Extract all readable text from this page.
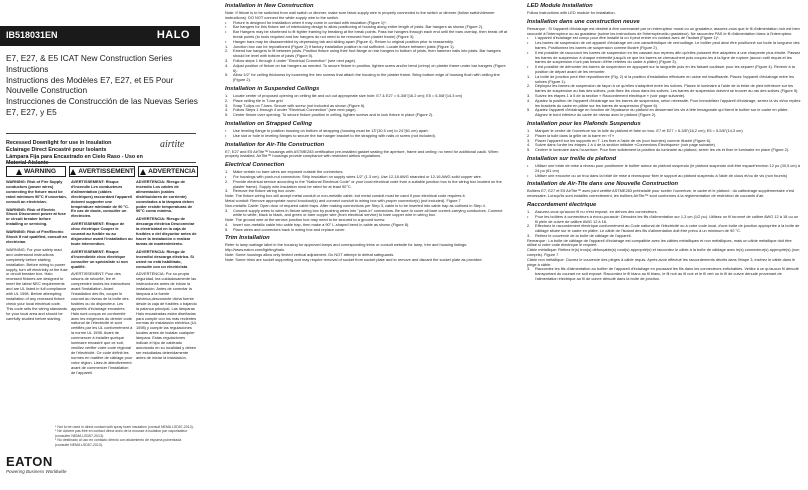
IB518031EN	HALO
E7, E27, & E5 ICAT New Construction Series Instructions
Instructions des Modèles E7, E27, et E5 Pour
Nouvelle Construction
Instrucciones de Construcción de las Nuevas Series
E7, E27, y E5
Recessed Downlight for use in Insulation
Éclairage Direct Encastré pour Isolants
Lámpara Fija para Encastrado en Cielo Raso - Uso en Material Aislante
airtite
WARNING	AVERTISSEMENT ADVERTENCIA

WARNING: Risk of Fire Supply conductors (power wires) connecting the fixture must be rated minimum 90°C if uncertain, consult an electrician.

WARNING: Risk of Electric Shock Disconnect power at fuse or circuit breaker before installing or servicing.

WARNING: Risk of Fire/Electric Shock If not qualified, consult an electrician.

WARNING: For your safety read and understand instructions completely before starting installation. Before wiring to power supply, turn off electricity at the fuse or circuit breaker box. Halo recessed fixtures are designed to meet the latest NEC requirements and are UL listed in full compliance with UL 1598. Before attempting installation of any recessed fixture check your local electrical code. This code sets the wiring standards for your local area and should be carefully studied before starting.

AVERTISSEMENT: Risque d'incendie Les conducteurs d'alimentation (câbles électriques) raccordant l'appareil doivent supporter une température minimale de 90 °C. En cas de doute, consulter un électricien.

AVERTISSEMENT: Risque de choc électrique Couper le courant au fusible ou au disjoncteur avant l'installation ou toute intervention.

AVERTISSEMENT: Risque d'incendie/de choc électrique consulter un spécialiste si non qualifié.

AVERTISSEMENT: Pour des raisons de sécurité, lire et comprendre toutes les instructions avant l'installation. Avant l'installation des fils, couper le courant au niveau de la boîte des fusibles ou du disjoncteur. Les appareils d'éclairage encastrés Halo sont conçus en conformité avec les exigences du dernier code national de l'électricité et sont certifiés par les UL conformément à la norme UL 1598. Avant de commencer à installer quelque luminaire encastré que ce soit, veuillez vérifier votre code régional de l'électricité. Ce code définit les normes en matière de câblage pour votre région. Lisez-le attentivement avant de commencer l'installation de l'appareil.

ADVERTENCIA: Riesgo de incendio Los cables de alimentación (cables distribuidores de corriente) conectados a la lámpara deben poder resistir temperaturas de 90°C como mínimo.

ADVERTENCIA: Riesgo de descarga eléctrica Desconectar la electricidad en la caja de fusibles o del disyuntor antes de hacer la instalación o realizar tareas de mantenimiento.

ADVERTENCIA: Riesgo de incendio/ descarga eléctrica. Si usted no está habilitado, consulte con un electricista

ADVERTENCIA: Por su propia seguridad, lea cuidadosamente las instrucciones antes de iniciar la instalación. Antes de conectar la lámpara a la fuente eléctrica,desconecte dicha fuente desde la caja de fusibles o bajando la palanca principal. Las lámparas Halo encastradas están diseñadas para cumplir con los más recientes normas de instalación eléctrica (UL 1598) y cumple las regulaciones locales antes de instalar cualquier lámpara. Estas regulaciones indican el tipo de cableado autorizado en su localidad y deben ser estudiadas detenidamente antes de iniciar la instalación.

* Not to be used in direct contact with spray foam insulation (consult NEMA LSD57-2013).

* Ne doivent pas être en contact direct avec de la mousse à isolation par vaporisateur (consulter NEMA LSD57-2013).

* No destinado al uso en contacto directo con aislamiento de espuma pulverizada (consulte NEMA LSD57-2013).

EATON
Powering Business Worldwide
Installation in New Construction
Note: If fixture is to be switched from wall switch or dimmer, make sure black supply wire is properly connected to the switch or dimmer (follow switch/dimmer instructions). DO NOT connect the white supply wire to the switch.
•	Fixture is designed for installation when it may come in contact with insulation (Figure 1)*.
•	Bar hangers for this fixture are of interlocking design to allow positioning of housing along entire length of joists. Bar hangers as shown (Figure 2).
•	Bar Hangers may be shortened to fit tighter framing by breaking at the break points. Pass bar hangers through each end until the bars overlap, then break off at break points (to tools required and bar hangers do not need to be removed from plaster frame) (Figure 3).
•	Hanger bars may be disassembled by depressing tab and sliding apart (Figure 4). Return to original position prior to reassembly.
1.	Junction box can be repositioned (Figure 2) if factory installation position is not sufficient. Locate fixture between joists (Figure 1).
2.	Extend bar hangers to fit between joists. Position fixture using their foot flange on bar hangers to bottom of joists, then hammer nails into joists. Bar hangers should be level with bottom of joists (Figure 5).
3.	Follow steps 1 through 4 under "Electrical Connection" (see next page).
4.	Adjust position of fixture on bar hangers as needed. To secure fixture in position, tighten screw and/or bend (crimp) on plaster frame under bar hangers (Figure 6).
5.	Allow 1/2" for ceiling thickness by loosening the hex screws that attach the housing to the plaster frame. Bring bottom edge of housing flush with ceiling line (Figure 2).
Installation in Suspended Ceilings
1.	Locate center of proposed opening on ceiling tile and cut out appropriate size hole: E7 & E27 = 6-3/8"(16.2 cm); E5 = 5-5/8"(14.3 cm)
2.	Place ceiling tile in T-bar grid
3.	Snap T-clips on T-bars. Secure with screw (not included as shown (Figure 6).
4.	Follow Steps 1 through 4 under "Electrical Connection" (see next page).
5.	Center fixture over opening. To secure fixture position in ceiling, tighten screws and to lock fixture in place (Figure 2).
Installation on Strapped Ceiling
•	Use leveling flange to position housing on bottom of strapping (housing must be 13"(30.5 cm) to 24"(61 cm) apart.
•	Use slot or hole in leveling flanges to secure the bar hanger bracket to the strapping with nails or screw (not included).
Installation for Air-Tite Construction
E7, E27 and E5 AirTite™ housings with ASTME283 certification pre-installed gasket sealing the aperture, frame and ceiling: no need for additional caulk. When properly installed, AirTite™ housings provide compliance with restricted airflow regulations.
Electrical Connection
1.	Make certain no bare wires are exposed outside the connectors.
•	For housings with push-nut connectors: Strip insulation on supply wires 1/2" (1.3 cm). Use 12-18 AWG stranded or 12-16 AWG solid copper wire.
2.	Provide electrical service according to the "National Electrical Code" or your local electrical code from a suitable junction box to the wiring box located on the plaster frame). Supply wire insulation must be rated for at least 90°C.
3.	Remove the fixture wiring box cover.
Note: The fixture wiring box will accept metal conduit or non-metallic cable, but metal conduit must be used if your electrical code requires it.
Metal conduit: Remove appropriate round knockout(s) and connect conduit to wiring box with proper connector(s) (not included). Figure 7
Non-metallic Cable: Open door of required cable traps. After making connections per Step 3, cable is to be inserted into cable trap as outlined in Step 4.
3.	Connect supply wires to wires in fixture wiring box by pushing wires into "push-in" connectors. Be sure to cover all bare current-carrying conductors. Connect white to white, black to black, and green or bare copper wire (from electrical service) to bare copper wire in wiring box.
Note: The ground wire at the service junction box may need to be secured to a ground screw.
4.	Insert non-metallic cable into cable trap, then make a 90° L-shaped bend in cable as shown (Figure 8).
5.	Place wires and connectors back in wiring box and replace cover.
Trim Installation
Refer to lamp wattage label in the housing for approved lamps and corresponding trims or consult website for lamp, trim and housing listings: http://www.eaton.com/lighting/halo.
Note: Some housings allow only limited vertical adjustment. Do NOT attempt to defeat safeguards.
Note: Some trims are socket supporting and may require removal of socket from socket plate and to remove and discard the socket plate as provided.
LED Module Installation
Follow instructions with LED module for installation.
Installation dans une construction neuve
Remarque : Si l'appareil d'éclairage est destiné à être commandé par un interrupteur mural ou un gradateur, assurez-vous que le fil d'alimentation noir est bien raccordé à l'interrupteur ou au gradateur (suivre les instructions de l'interrupteur/du gradateur). Ne raccordez PAS le fil d'alimentation blanc à l'interrupteur.
•	L'appareil d'éclairage est conçu pour être installé là où il peut entrer en contact avec de l'isolant (Figure 1)*.
•	Les barres de suspension de cet appareil d'éclairage ont une caractéristique de verrouillage. Le boîtier peut ainsi être positionné sur toute la longueur des barres. Positionnez les barres de suspension comme illustré (Figure 2).
•	Il est possible de raccourcir les barres de suspension en les cassant aux repères afin qu'elles puissent être adaptées à une charpente plus étroite. Passez les barres de suspension à chaque extrémité jusqu'à ce que les barres se chevauchent puis coupez-les à la ligne de rupture (aucun outil requis et les barres de suspension n'ont pas besoin d'être retirées du cadre à plâtre) (Figure 3).
•	Il est possible de démonter les barres de suspension en appuyant sur la languette puis en les faisant coulisser pour les séparer (Figure 4). Revenir à la position de départ avant de les remonter.
1.	La boîte de jonction peut être repositionnée (Fig. 2) si la position d'installation effectuée en usine est insuffisante. Placez l'appareil d'éclairage entre les solives (Figure 1).
2.	Déployez les barres de suspension de façon à ce qu'elles s'adaptent entre les solives. Placez le luminaire à l'aide de la bride de pied inférieure sur les barres de suspension au bas des solives, puis fixez les clous dans les solives. Les barres de suspension doivent se trouver au ras des solives (Figure 5).
3.	Suivez les étapes 1 à 5 de la section « Raccordement électrique » (voir page suivante).
4.	Ajustez la position de l'appareil d'éclairage sur les barres de suspension, selon nécessité. Pour immobiliser l'appareil d'éclairage, serrez la vis et/ou repliez les brackets du cadre en plâtre sur les barres de suspension (Figure 6).
5.	Ajustez l'appareil d'éclairage en fonction de l'épaisseur du plafond en desserrant les vis à tête hexagonale qui fixent le boîtier sur le cadre en plâtre. Alignez le bord inférieur du cadre de niveau avec le plafond (Figure 2).
Installation pour les Plafonds Suspendus
1.	Marquer le centre de l'ouverture sur la tuile du plafond et faire un trou. E7 et E27 = 6-3/8"(16,2 cm); E5 = 5-5/8"(14,3 cm)
2.	Placer la tuile dans la grille de la barre en «T»
3.	Placer l'appareil sur les supports en T. Les fixer à l'aide de vis (non fournies) comme illustré (Figure 6).
4.	Suivre dans l'ordre les étapes 1 à 4 de la section intitulée «Connexions Électriques» (voir page suivante)
5.	Centrer le luminaire dans l'ouverture. Pour fixer solidement la position du luminaire au plafond, serrer les vis et fixer le luminaire en place (Figure 2).
Installation sur treille de plafond
•	Utiliser une bride de mise à niveau pour positionner le boîtier autour du plafond suspendu (le plafond suspendu doit être espacé'environ 12 po (30,5 cm) à 24 po (61 cm)
•	Utiliser une encoche ou un trou dans la bride de mise à niveaupour fixer le support au plafond suspendu à l'aide de clous et/ou de vis (non fournis)
Installation de Air-Tite dans une Nouvelle Construction
Boîtiers E7, E27 et E5 AirTite™ avec joint certifié ASTME283 préinstallé pour sceller l'ouverture, le cadre et le plafond : du calfeutrage supplémentaire n'est nécessaire. Lorsqu'ils sont installés correctement, les boîtiers AirTite™ sont conformes à la réglementation de restriction de courants d'air.
Raccordement électrique
1.	Assurez-vous qu'aucun fil nu n'est exposé, en dehors des connecteurs.
•	Pour les boîtiers à connecteurs à écrou-poussoir: Dénudez les fils d'alimentation sur 1,3 cm (1/2 po). Utilisez un fil toronné de calibre AWG 12 à 18 ou un fil plein de cuivre de calibre AWG 12 à 16.
2.	Effectuez le raccordement électrique conformément au Code national de l'électricité ou à votre code local, d'une boîte de jonction appropriée à la boîte de câblage située sur le cadre en plâtre. Le câble de l'isolant des fils d'alimentation doit être prévu à un minimum de 90 °C.
3.	Retirez le couvercle de la boîte de câblage de l'appareil.
Remarque : La boîte de câblage de l'appareil d'éclairage est compatible avec les câbles métalliques et non métalliques, mais un câble métallique doit être utilisé si votre code électrique le requiert.
Câble métallique: Retirez le(s) trou(s) défonçable(s) rond(s) approprié(s) et raccordez le câble à la boîte de câblage avec le(s) connecteur(s) approprié(s) (non compris). Figure 7
Câble non métallique: Ouvrez le couvercle des pièges à câble requis. Après avoir effectué les raccordements décrits dans l'étape 3, insérez le câble dans le piège à câble.
3.	Raccordez les fils d'alimentation au boîtier de l'appareil d'éclairage en poussant les fils dans les connecteurs enfichables. Veillez à ce qu'aucun fil dénudé transportant du courant ne soit exposé. Raccordez le fil blanc au fil blanc, le fil noir au fil noir et le fil vert ou le fil de cuivre dénudé provenant de l'alimentation électrique au fil de cuivre dénudé dans la boîte de jonction.
